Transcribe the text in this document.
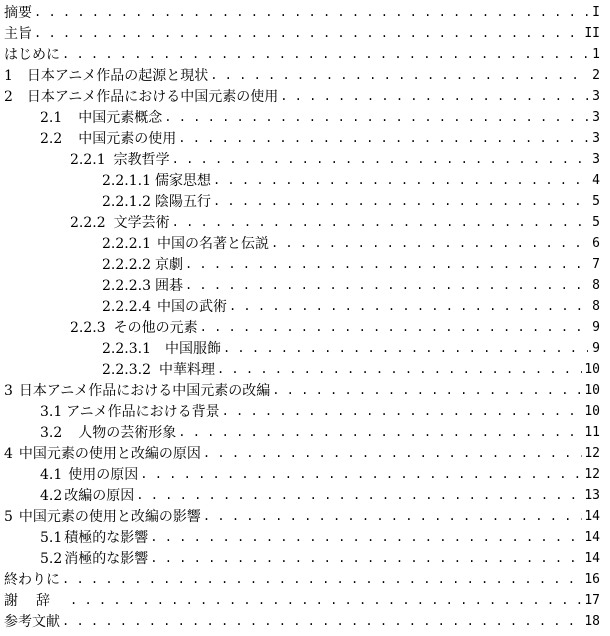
摘要 . . .	I
主旨 . . .	II
はじめに . . .	1
1 日本アニメ作品の起源と現状 . . .	2
2 日本アニメ作品における中国元素の使用 . . .	3
2.1 中国元素概念 . . .	3
2.2 中国元素の使用 . . .	3
2.2.1 宗教哲学 . . .	3
2.2.1.1 儒家思想 . . .	4
2.2.1.2 陰陽五行 . . .	5
2.2.2 文学芸術 . . .	5
2.2.2.1 中国の名著と伝説 . . .	6
2.2.2.2 京劇 . . .	7
2.2.2.3 囲碁 . . .	8
2.2.2.4 中国の武術 . . .	8
2.2.3 その他の元素 . . .	9
2.2.3.1 中国服飾 . . .	9
2.2.3.2 中華料理 . . .	10
3 日本アニメ作品における中国元素の改編 . . .	10
3.1 アニメ作品における背景 . . .	10
3.2 人物の芸術形象 . . .	11
4 中国元素の使用と改編の原因 . . .	12
4.1 使用の原因 . . .	12
4.2 改編の原因 . . .	13
5 中国元素の使用と改編の影響 . . .	14
5.1 積極的な影響 . . .	14
5.2 消極的な影響 . . .	14
終わりに . . .	16
謝辞 . . .	17
参考文献 . . .	18
